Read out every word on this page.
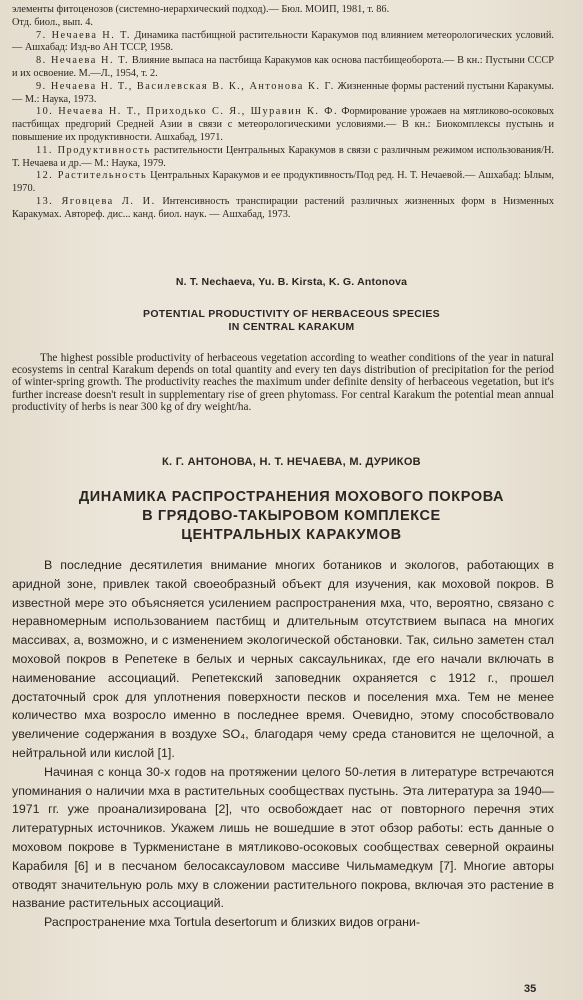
элементы фитоценозов (системно-иерархический подход).— Бюл. МОИП, 1981, т. 86.

Отд. биол., вып. 4.

7. Нечаева Н. Т. Динамика пастбищной растительности Каракумов под влиянием метеорологических условий.— Ашхабад: Изд-во АН ТССР, 1958.

8. Нечаева Н. Т. Влияние выпаса на пастбища Каракумов как основа пастбищеоборота.— В кн.: Пустыни СССР и их освоение. М.—Л., 1954, т. 2.

9. Нечаева Н. Т., Василевская В. К., Антонова К. Г. Жизненные формы растений пустыни Каракумы.— М.: Наука, 1973.

10. Нечаева Н. Т., Приходько С. Я., Шуравин К. Ф. Формирование урожаев на мятликово-осоковых пастбищах предгорий Средней Азии в связи с метеорологическими условиями.— В кн.: Биокомплексы пустынь и повышение их продуктивности. Ашхабад, 1971.

11. Продуктивность растительности Центральных Каракумов в связи с различным режимом использования/Н. Т. Нечаева и др.— М.: Наука, 1979.

12. Растительность Центральных Каракумов и ее продуктивность/Под ред. Н. Т. Нечаевой.— Ашхабад: Ылым, 1970.

13. Яговцева Л. И. Интенсивность транспирации растений различных жизненных форм в Низменных Каракумах. Автореф. дис... канд. биол. наук. — Ашхабад, 1973.

N. T. Nechaeva, Yu. B. Kirsta, K. G. Antonova
POTENTIAL PRODUCTIVITY OF HERBACEOUS SPECIES
IN CENTRAL KARAKUM

The highest possible productivity of herbaceous vegetation according to weather conditions of the year in natural ecosystems in central Karakum depends on total quantity and every ten days distribution of precipitation for the period of winter-spring growth. The productivity reaches the maximum under definite density of herbaceous vegetation, but it's further increase doesn't result in supplementary rise of green phytomass. For central Karakum the potential mean annual productivity of herbs is near 300 kg of dry weight/ha.

К. Г. АНТОНОВА, Н. Т. НЕЧАЕВА, М. ДУРИКОВ
ДИНАМИКА РАСПРОСТРАНЕНИЯ МОХОВОГО ПОКРОВА
В ГРЯДОВО-ТАКЫРОВОМ КОМПЛЕКСЕ
ЦЕНТРАЛЬНЫХ КАРАКУМОВ

В последние десятилетия внимание многих ботаников и экологов, работающих в аридной зоне, привлек такой своеобразный объект для изучения, как моховой покров. В известной мере это объясняется усилением распространения мха, что, вероятно, связано с неравномерным использованием пастбищ и длительным отсутствием выпаса на многих массивах, а, возможно, и с изменением экологической обстановки. Так, сильно заметен стал моховой покров в Репетеке в белых и черных саксаульниках, где его начали включать в наименование ассоциаций. Репетекский заповедник охраняется с 1912 г., прошел достаточный срок для уплотнения поверхности песков и поселения мха. Тем не менее количество мха возросло именно в последнее время. Очевидно, этому способствовало увеличение содержания в воздухе SO₄, благодаря чему среда становится не щелочной, а нейтральной или кислой [1].

Начиная с конца 30-х годов на протяжении целого 50-летия в литературе встречаются упоминания о наличии мха в растительных сообществах пустынь. Эта литература за 1940—1971 гг. уже проанализирована [2], что освобождает нас от повторного перечня этих литературных источников. Укажем лишь не вошедшие в этот обзор работы: есть данные о моховом покрове в Туркменистане в мятликово-осоковых сообществах северной окраины Карабиля [6] и в песчаном белосаксауловом массиве Чильмамедкум [7]. Многие авторы отводят значительную роль мху в сложении растительного покрова, включая это растение в название растительных ассоциаций.

Распространение мха Tortula desertorum и близких видов ограни-

35
